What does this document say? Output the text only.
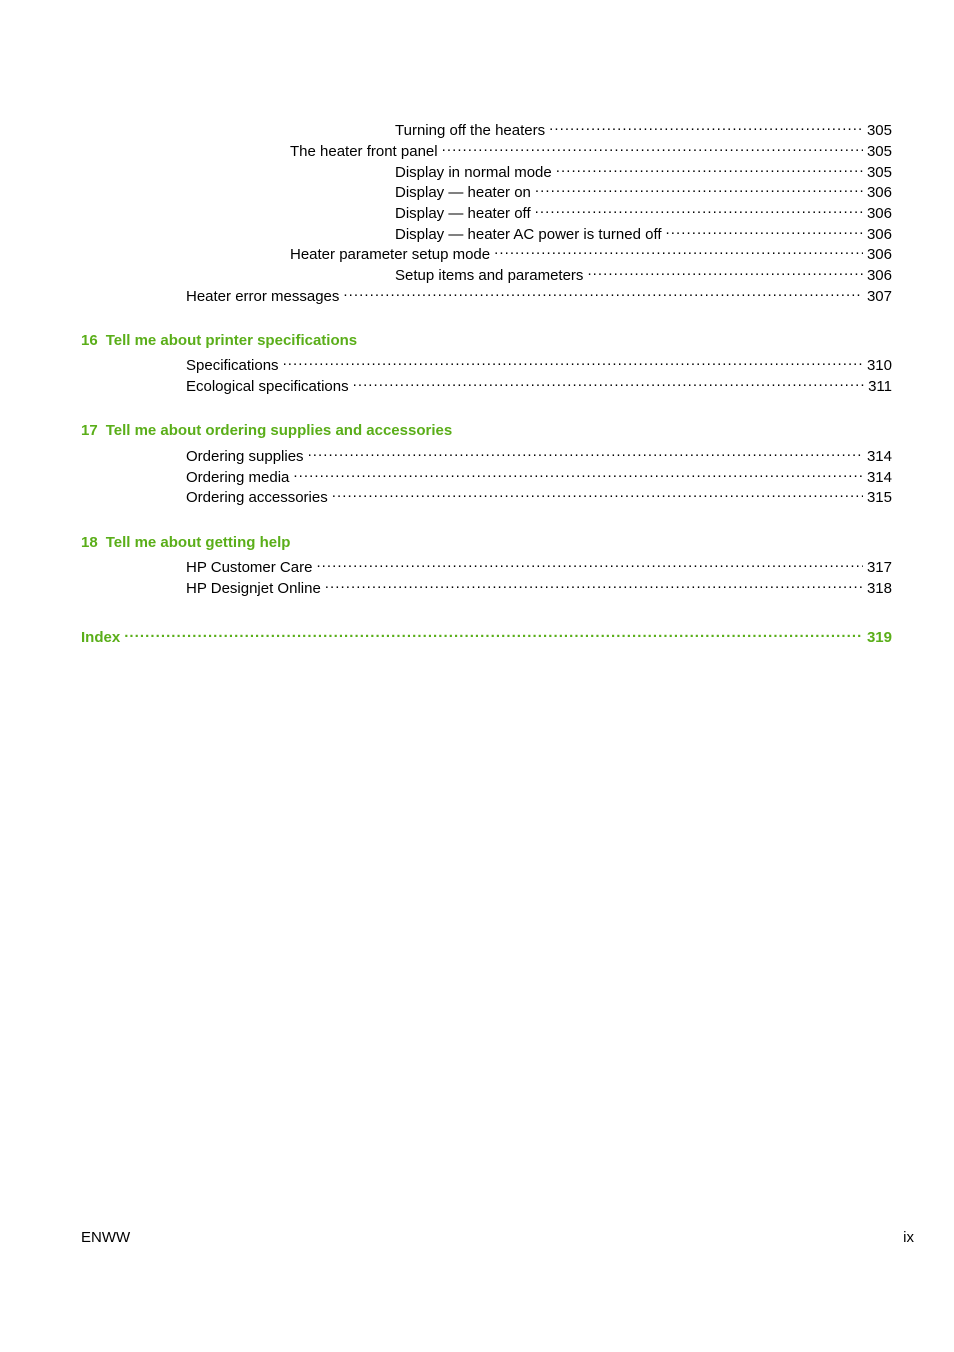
Turning off the heaters . . .	305
The heater front panel . . .	305
Display in normal mode . . .	305
Display — heater on . . .	306
Display — heater off . . .	306
Display — heater AC power is turned off . . .	306
Heater parameter setup mode . . .	306
Setup items and parameters . . .	306
Heater error messages . . .	307
16 Tell me about printer specifications
Specifications . . .	310
Ecological specifications . . .	311
17 Tell me about ordering supplies and accessories
Ordering supplies . . .	314
Ordering media . . .	314
Ordering accessories . . .	315
18 Tell me about getting help
HP Customer Care . . .	317
HP Designjet Online . . .	318
Index . . .	319
ENWW	ix
